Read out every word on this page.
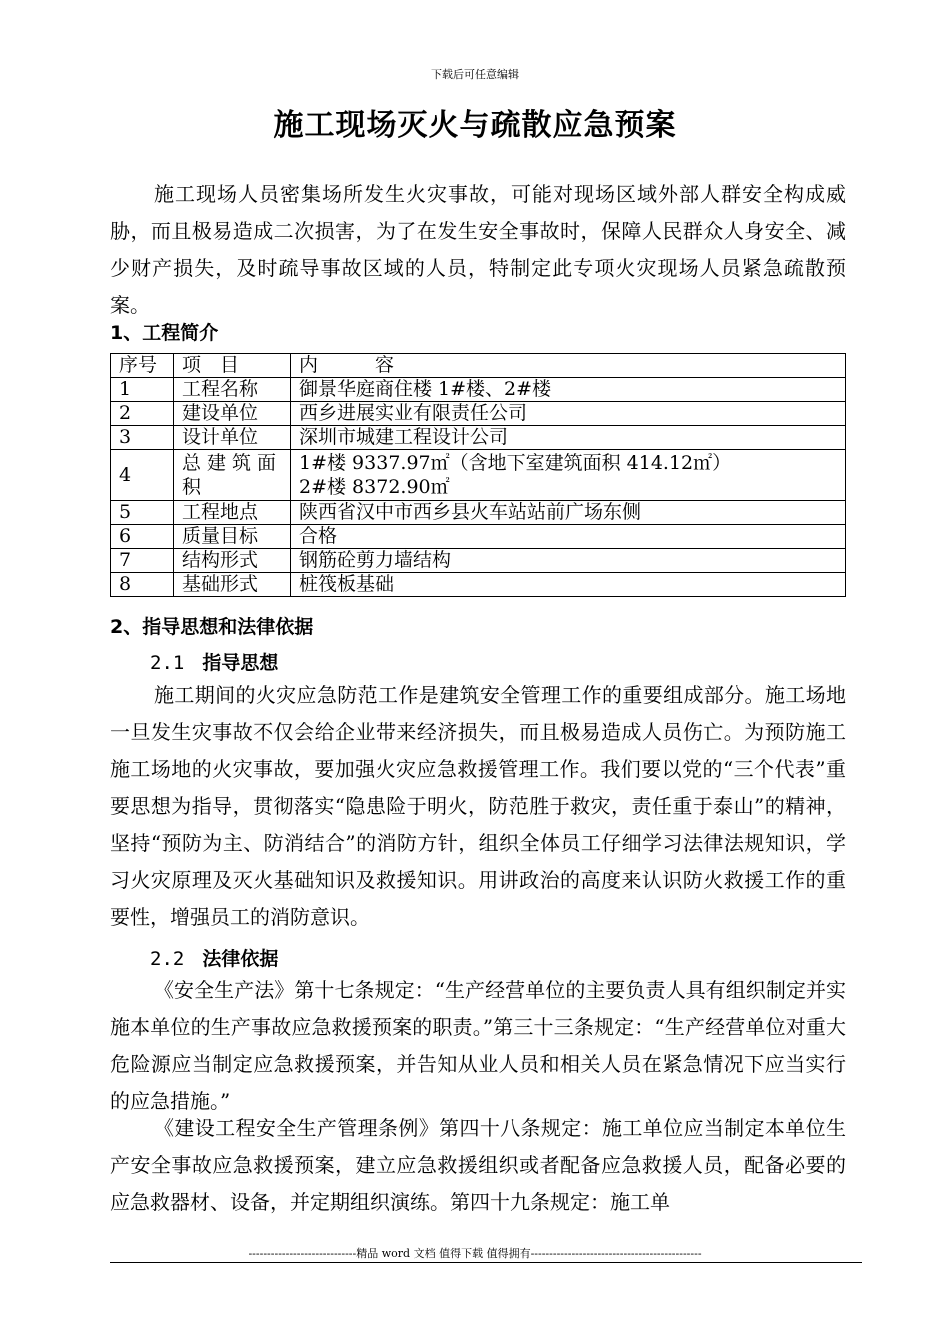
下载后可任意编辑
施工现场灭火与疏散应急预案

施工现场人员密集场所发生火灾事故，可能对现场区域外部人群安全构成威胁，而且极易造成二次损害，为了在发生安全事故时，保障人民群众人身安全、减少财产损失，及时疏导事故区域的人员，特制定此专项火灾现场人员紧急疏散预案。

1、工程简介
序号	项　目	内　　　容
1	工程名称	御景华庭商住楼 1#楼、2#楼
2	建设单位	西乡进展实业有限责任公司
3	设计单位	深圳市城建工程设计公司
4	总建筑面积	1#楼 9337.97㎡（含地下室建筑面积 414.12㎡）
2#楼 8372.90㎡

5	工程地点	陕西省汉中市西乡县火车站站前广场东侧
6	质量目标	合格
7	结构形式	钢筋砼剪力墙结构
8	基础形式	桩筏板基础
2、指导思想和法律依据
2.1 指导思想

施工期间的火灾应急防范工作是建筑安全管理工作的重要组成部分。施工场地一旦发生灾事故不仅会给企业带来经济损失，而且极易造成人员伤亡。为预防施工施工场地的火灾事故，要加强火灾应急救援管理工作。我们要以党的“三个代表”重要思想为指导，贯彻落实“隐患险于明火，防范胜于救灾，责任重于泰山”的精神，坚持“预防为主、防消结合”的消防方针，组织全体员工仔细学习法律法规知识，学习火灾原理及灭火基础知识及救援知识。用讲政治的高度来认识防火救援工作的重要性，增强员工的消防意识。

2.2 法律依据

《安全生产法》第十七条规定：“生产经营单位的主要负责人具有组织制定并实施本单位的生产事故应急救援预案的职责。”第三十三条规定：“生产经营单位对重大危险源应当制定应急救援预案，并告知从业人员和相关人员在紧急情况下应当实行的应急措施。”

《建设工程安全生产管理条例》第四十八条规定：施工单位应当制定本单位生产安全事故应急救援预案，建立应急救援组织或者配备应急救援人员，配备必要的应急救器材、设备，并定期组织演练。第四十九条规定：施工单

-----------------------------精品 word 文档 值得下载 值得拥有----------------------------------------------
